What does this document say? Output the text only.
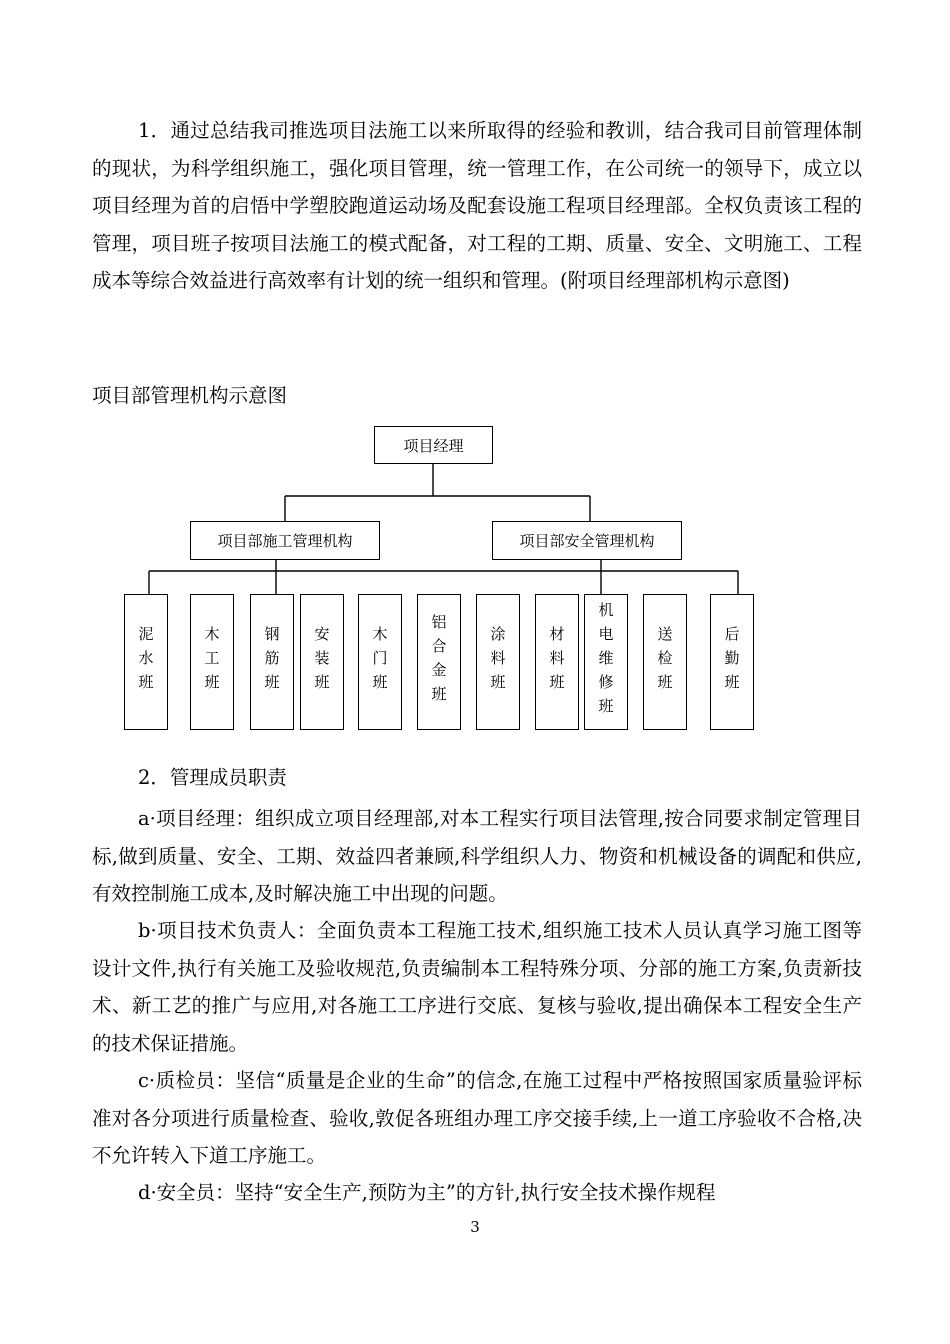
1．通过总结我司推选项目法施工以来所取得的经验和教训，结合我司目前管理体制的现状，为科学组织施工，强化项目管理，统一管理工作，在公司统一的领导下，成立以项目经理为首的启悟中学塑胶跑道运动场及配套设施工程项目经理部。全权负责该工程的管理，项目班子按项目法施工的模式配备，对工程的工期、质量、安全、文明施工、工程成本等综合效益进行高效率有计划的统一组织和管理。(附项目经理部机构示意图)

项目部管理机构示意图
项目经理
项目部施工管理机构	项目部安全管理机构
泥水班	木工班	钢筋班	安装班	木门班	铝合金班	涂料班	材料班	机电维修班	送检班	后勤班
2．管理成员职责

a·项目经理：组织成立项目经理部,对本工程实行项目法管理,按合同要求制定管理目标,做到质量、安全、工期、效益四者兼顾,科学组织人力、物资和机械设备的调配和供应,有效控制施工成本,及时解决施工中出现的问题。

b·项目技术负责人：全面负责本工程施工技术,组织施工技术人员认真学习施工图等设计文件,执行有关施工及验收规范,负责编制本工程特殊分项、分部的施工方案,负责新技术、新工艺的推广与应用,对各施工工序进行交底、复核与验收,提出确保本工程安全生产的技术保证措施。

c·质检员：坚信“质量是企业的生命”的信念,在施工过程中严格按照国家质量验评标准对各分项进行质量检查、验收,敦促各班组办理工序交接手续,上一道工序验收不合格,决不允许转入下道工序施工。

d·安全员：坚持“安全生产,预防为主”的方针,执行安全技术操作规程

3
